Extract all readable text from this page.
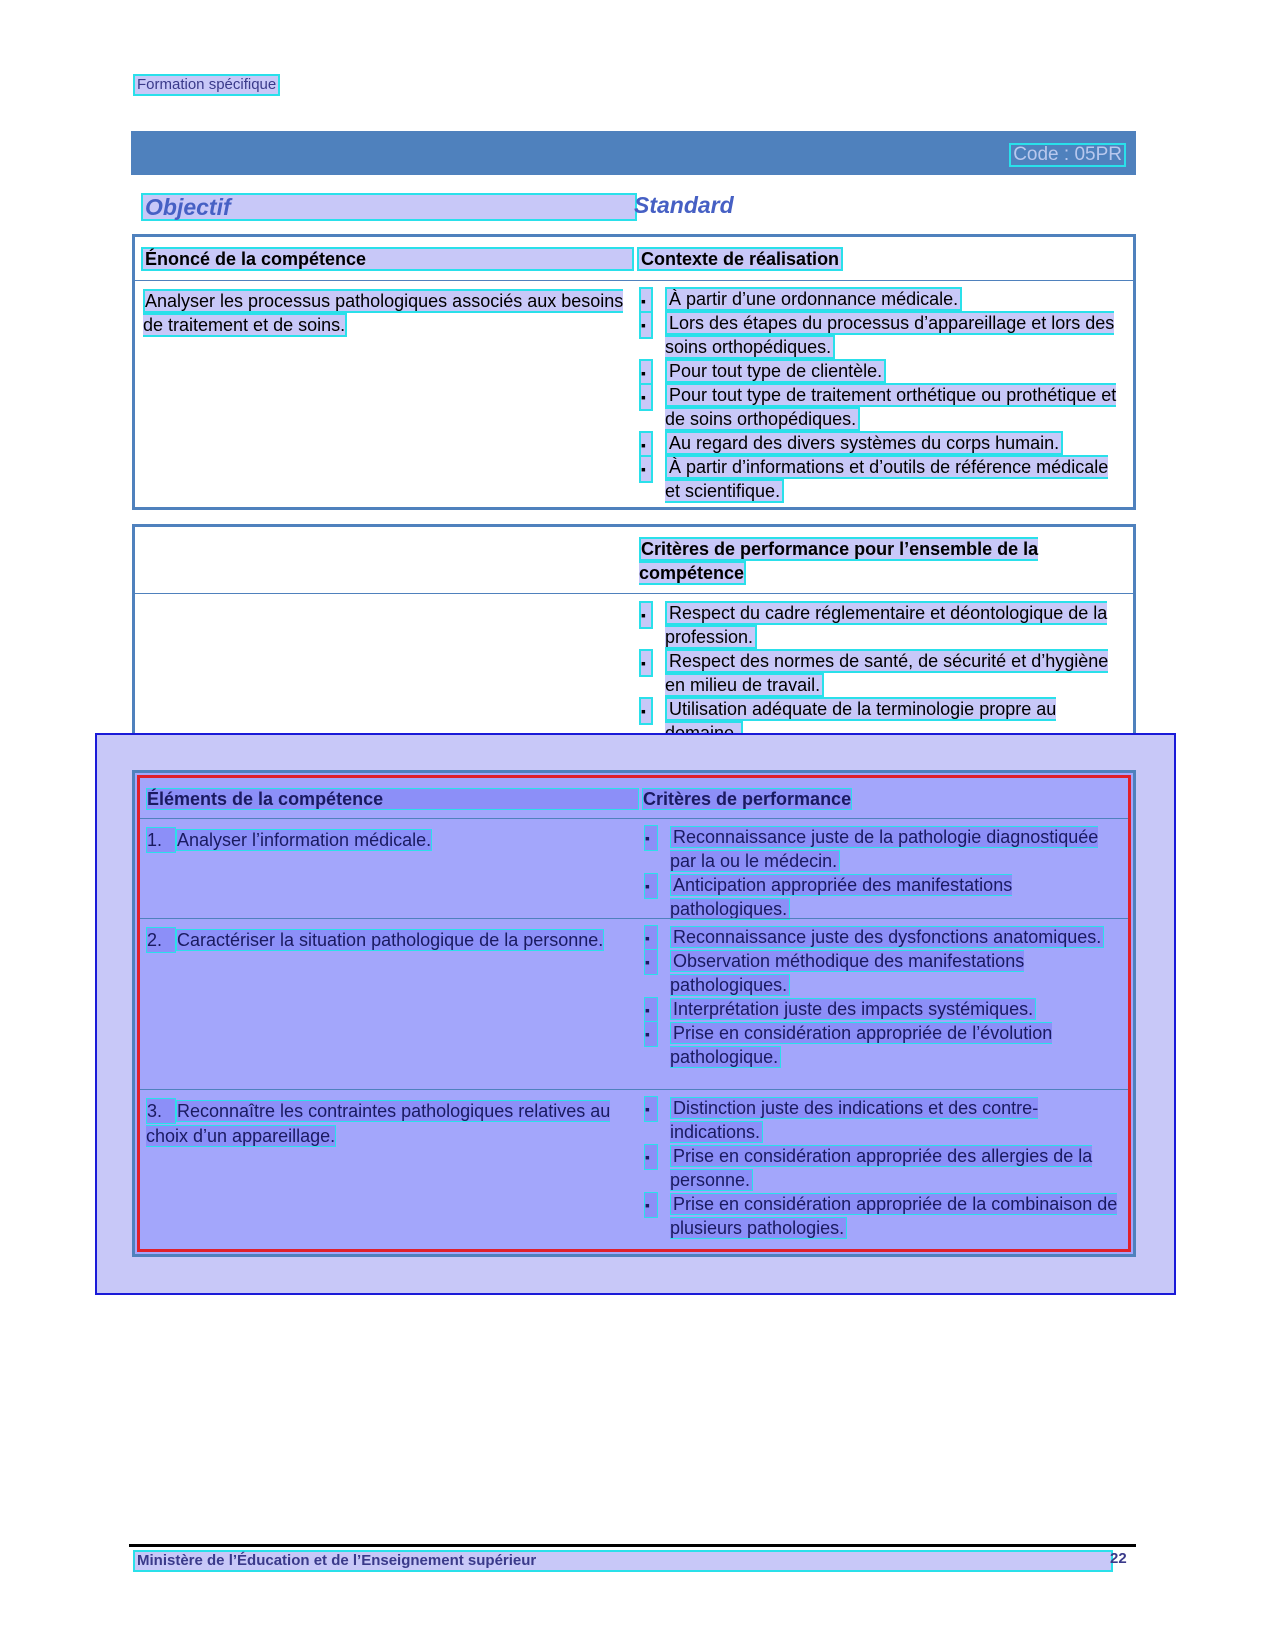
Formation spécifique
Code : 05PR
Objectif	Standard
Énoncé de la compétence	Contexte de réalisation
Analyser les processus pathologiques associés aux besoins de traitement et de soins.
▪	À partir d’une ordonnance médicale.
▪	Lors des étapes du processus d’appareillage et lors des soins orthopédiques.
▪	Pour tout type de clientèle.
▪	Pour tout type de traitement orthétique ou prothétique et de soins orthopédiques.
▪	Au regard des divers systèmes du corps humain.
▪	À partir d’informations et d’outils de référence médicale et scientifique.
Critères de performance pour l’ensemble de la compétence
▪	Respect du cadre réglementaire et déontologique de la profession.
▪	Respect des normes de santé, de sécurité et d’hygiène en milieu de travail.
▪	Utilisation adéquate de la terminologie propre au
Éléments de la compétence	Critères de performance
1. Analyser l’information médicale.	▪	Reconnaissance juste de la pathologie diagnostiquée par la ou le médecin.
▪	Anticipation appropriée des manifestations pathologiques.
2. Caractériser la situation pathologique de la personne.	▪	Reconnaissance juste des dysfonctions anatomiques.
▪	Observation méthodique des manifestations pathologiques.
▪	Interprétation juste des impacts systémiques.
▪	Prise en considération appropriée de l’évolution pathologique.
3. Reconnaître les contraintes pathologiques relatives au choix d’un appareillage.
▪	Distinction juste des indications et des contre-indications.
▪	Prise en considération appropriée des allergies de la personne.
▪	Prise en considération appropriée de la combinaison de plusieurs pathologies.
Ministère de l’Éducation et de l’Enseignement supérieur	22
